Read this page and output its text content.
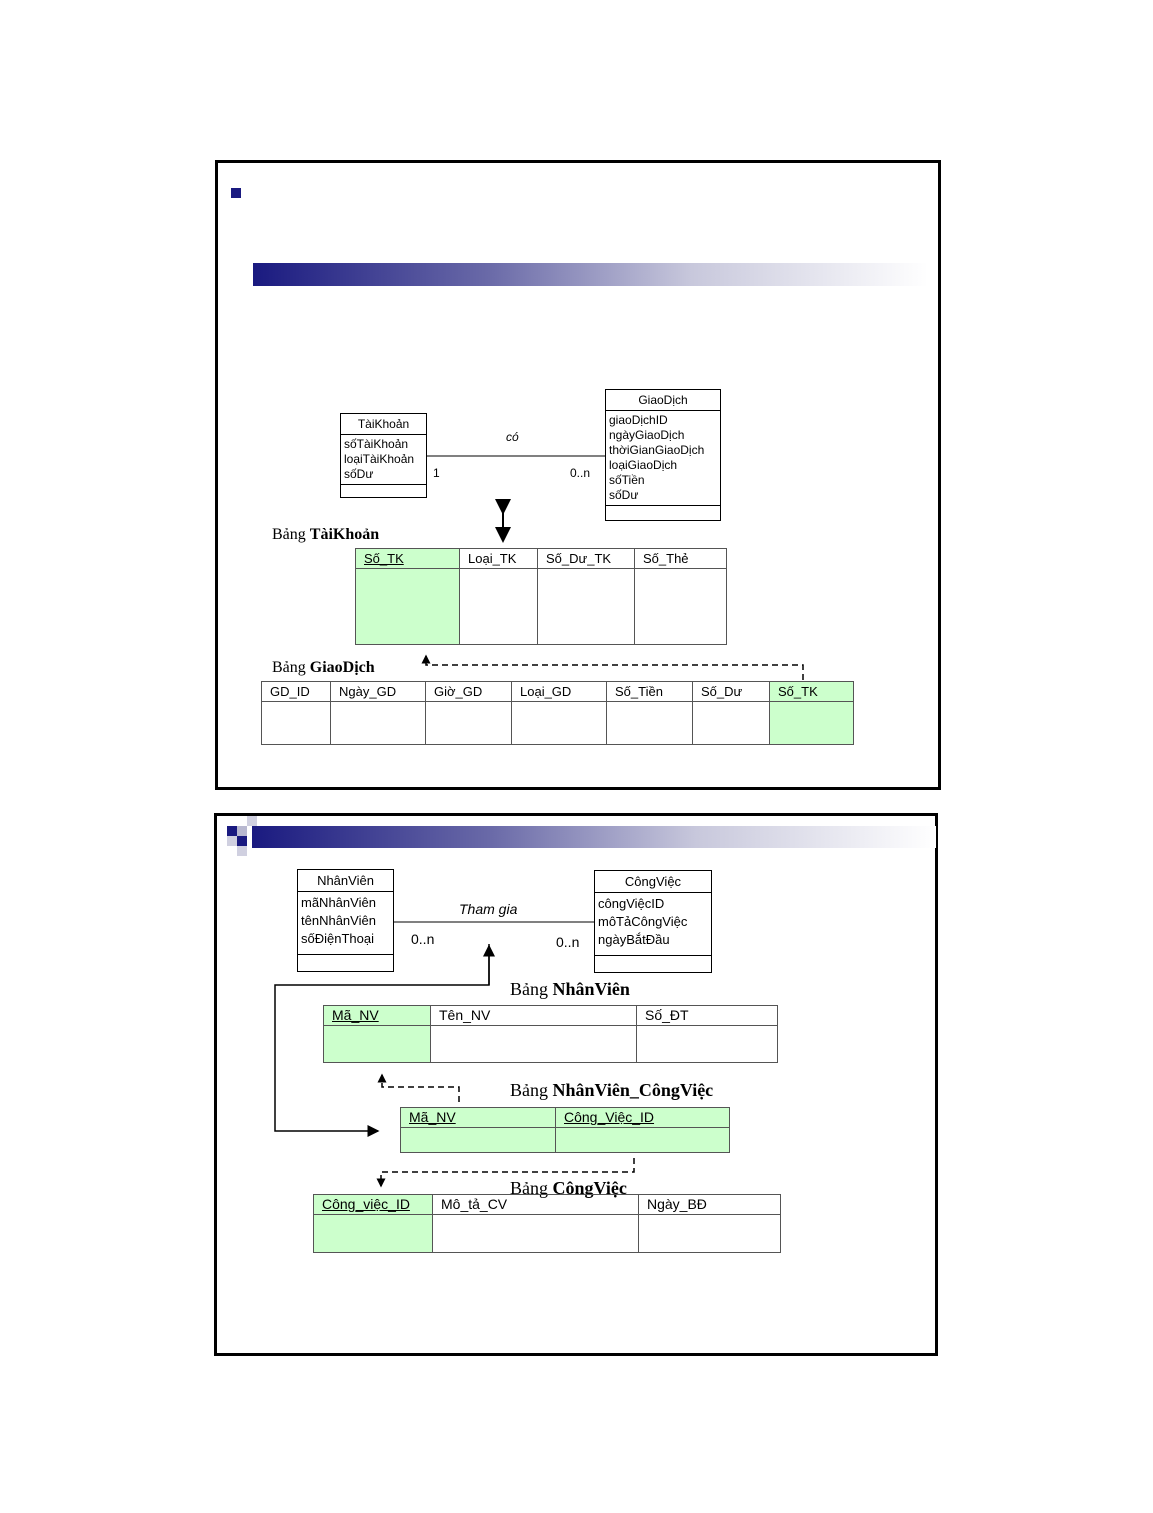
TàiKhoản
sốTàiKhoản
loạiTàiKhoản
sốDư
GiaoDịch
giaoDịchID
ngàyGiaoDịch
thờiGianGiaoDịch
loạiGiaoDịch
sốTiền
sốDư
có
1	0..n
Bảng TàiKhoản
Bảng GiaoDịch
Số_TK	Loại_TK	Số_Dư_TK	Số_Thẻ

GD_ID	Ngày_GD	Giờ_GD	Loại_GD	Số_Tiền	Số_Dư	Số_TK

NhânViên
mãNhânViên
tênNhânViên
sốĐiệnThoại
CôngViệc
côngViệcID
môTảCôngViệc
ngàyBắtĐầu
Tham gia
0..n	0..n
Bảng NhânViên
Bảng NhânViên_CôngViệc
Bảng CôngViệc
Mã_NV	Tên_NV	Số_ĐT

Mã_NV	Công_Việc_ID

Công_việc_ID	Mô_tả_CV	Ngày_BĐ
